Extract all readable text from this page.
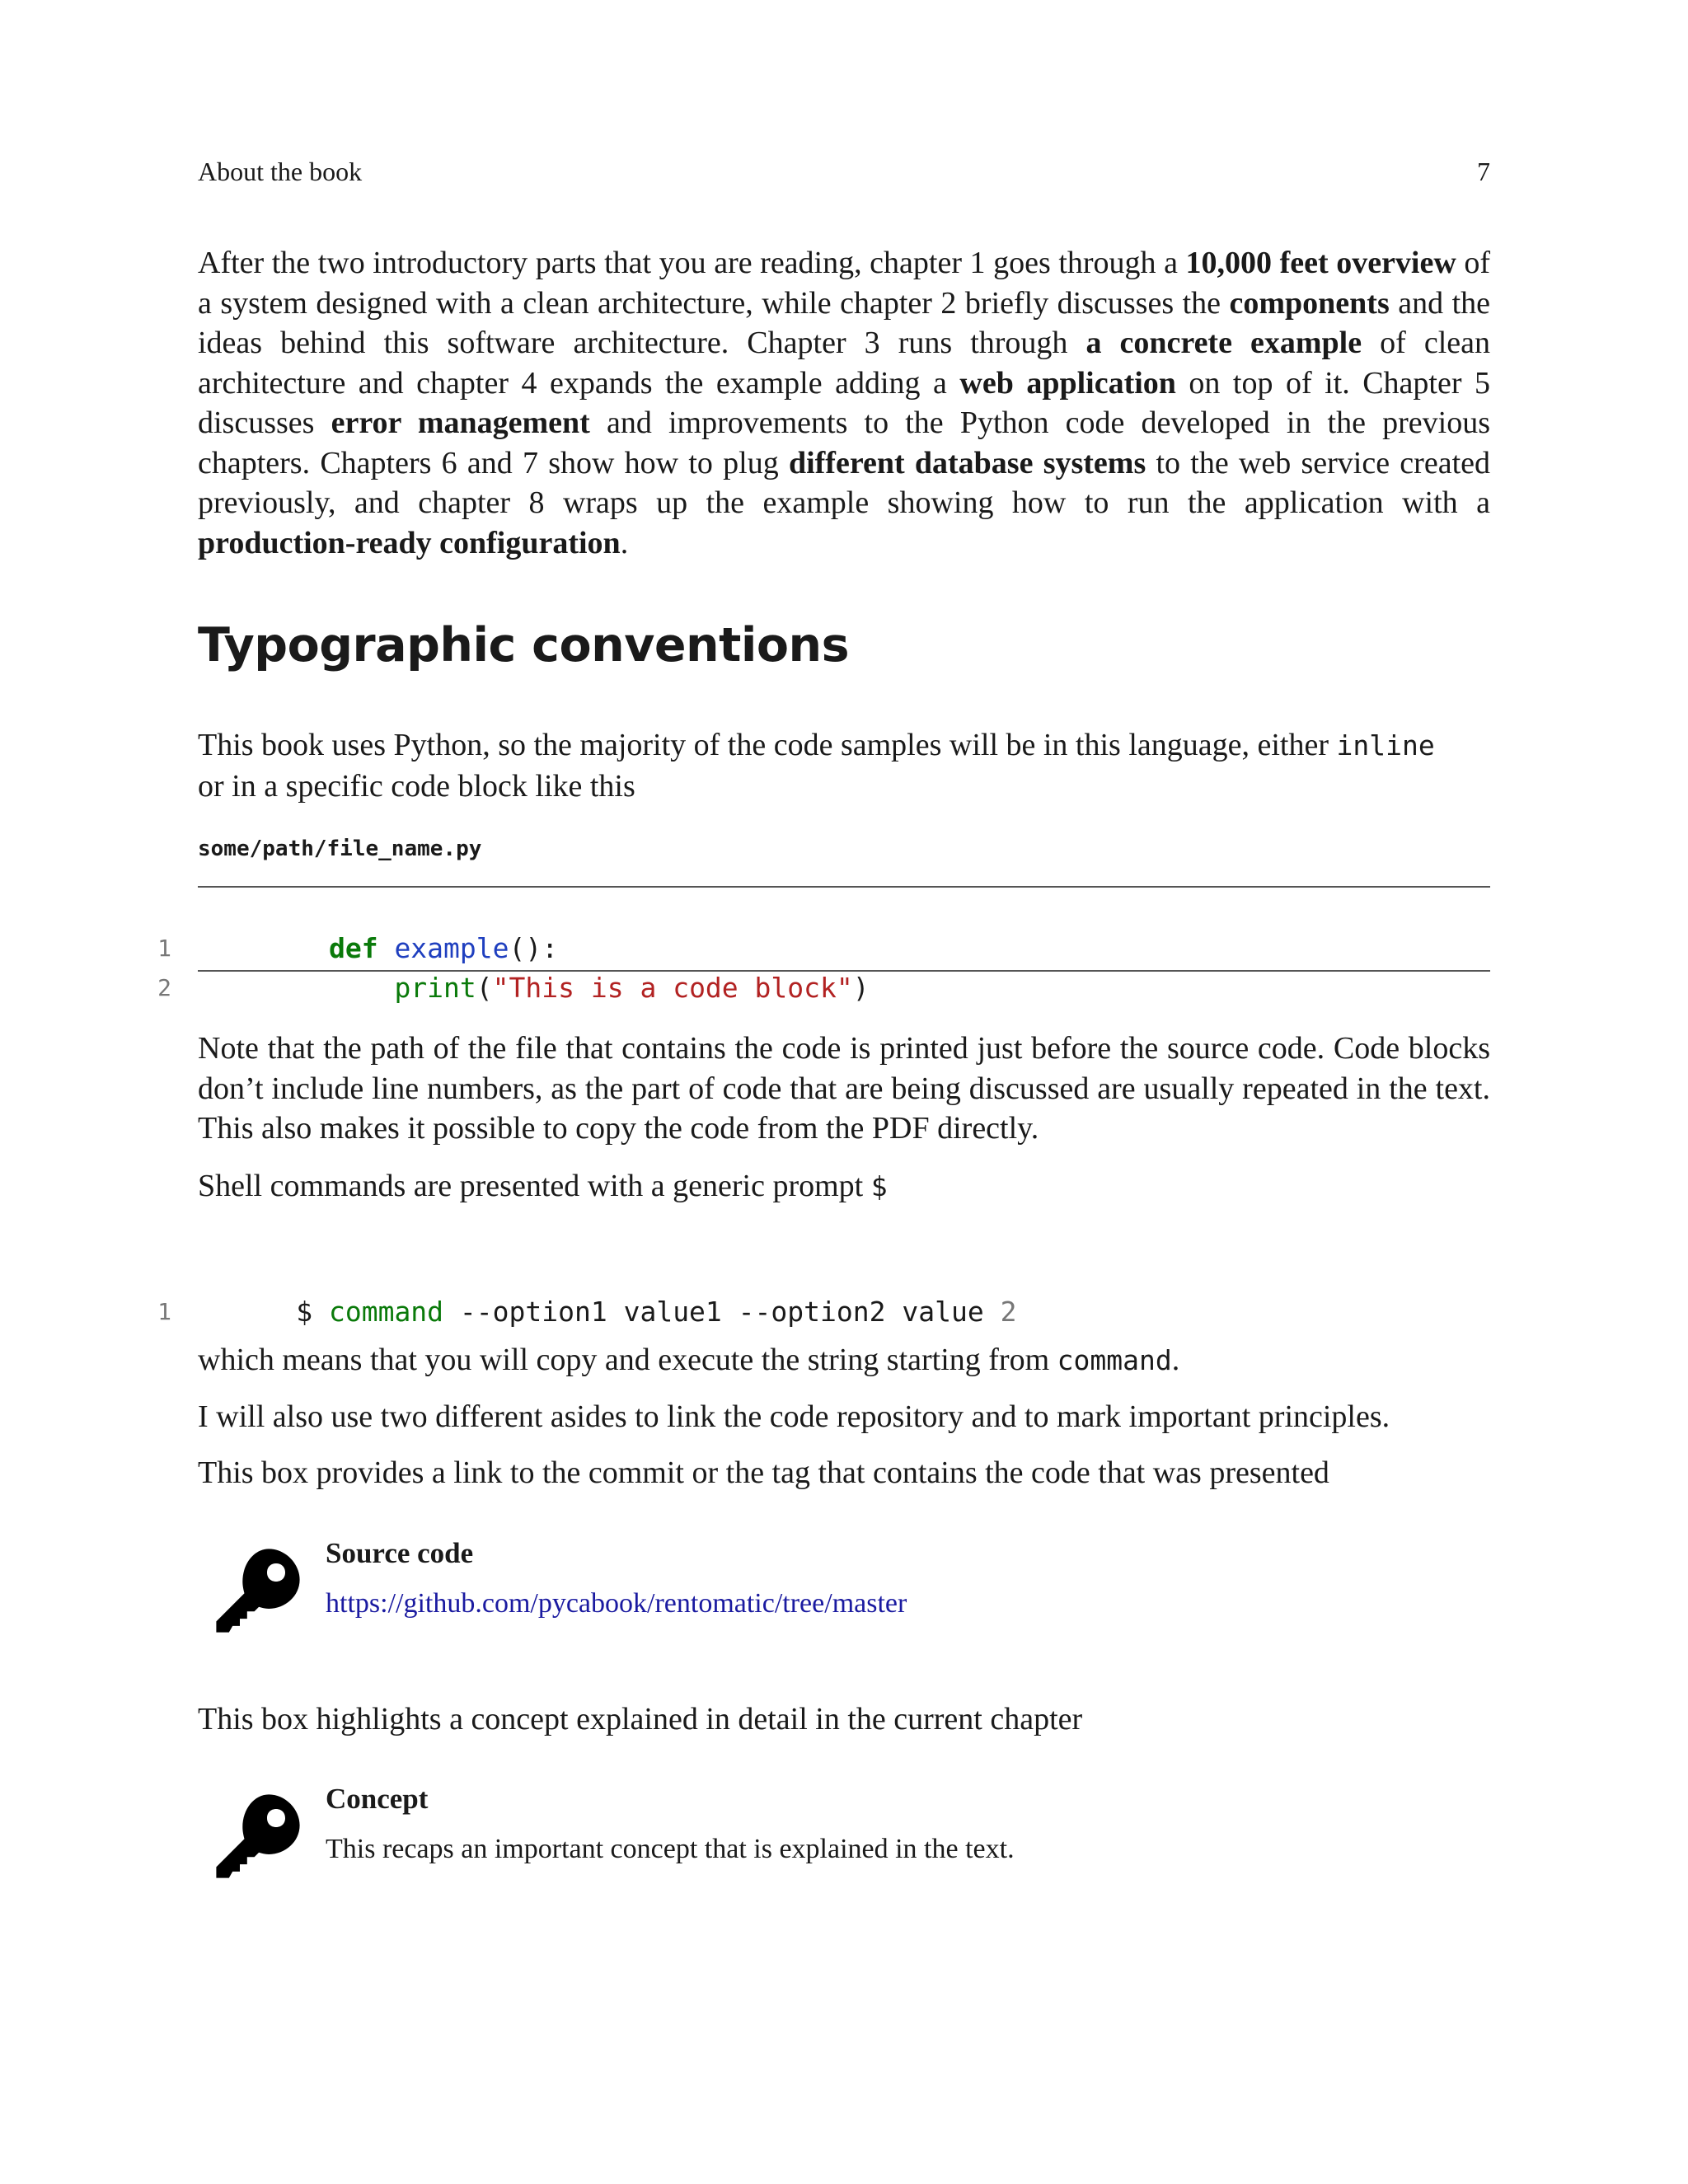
About the book	7

After the two introductory parts that you are reading, chapter 1 goes through a 10,000 feet overview of a system designed with a clean architecture, while chapter 2 briefly discusses the components and the ideas behind this software architecture. Chapter 3 runs through a concrete example of clean architecture and chapter 4 expands the example adding a web application on top of it. Chapter 5 discusses error management and improvements to the Python code developed in the previous chapters. Chapters 6 and 7 show how to plug different database systems to the web service created previously, and chapter 8 wraps up the example showing how to run the application with a production-ready configuration.

Typographic conventions

This book uses Python, so the majority of the code samples will be in this language, either inline
or in a specific code block like this

some/path/file_name.py

1	def example():

2	print("This is a code block")

Note that the path of the file that contains the code is printed just before the source code. Code blocks don’t include line numbers, as the part of code that are being discussed are usually repeated in the text. This also makes it possible to copy the code from the PDF directly.

Shell commands are presented with a generic prompt $

1	$ command --option1 value1 --option2 value 2

which means that you will copy and execute the string starting from command.

I will also use two different asides to link the code repository and to mark important principles.

This box provides a link to the commit or the tag that contains the code that was presented

Source code
https://github.com/pycabook/rentomatic/tree/master

This box highlights a concept explained in detail in the current chapter

Concept
This recaps an important concept that is explained in the text.
